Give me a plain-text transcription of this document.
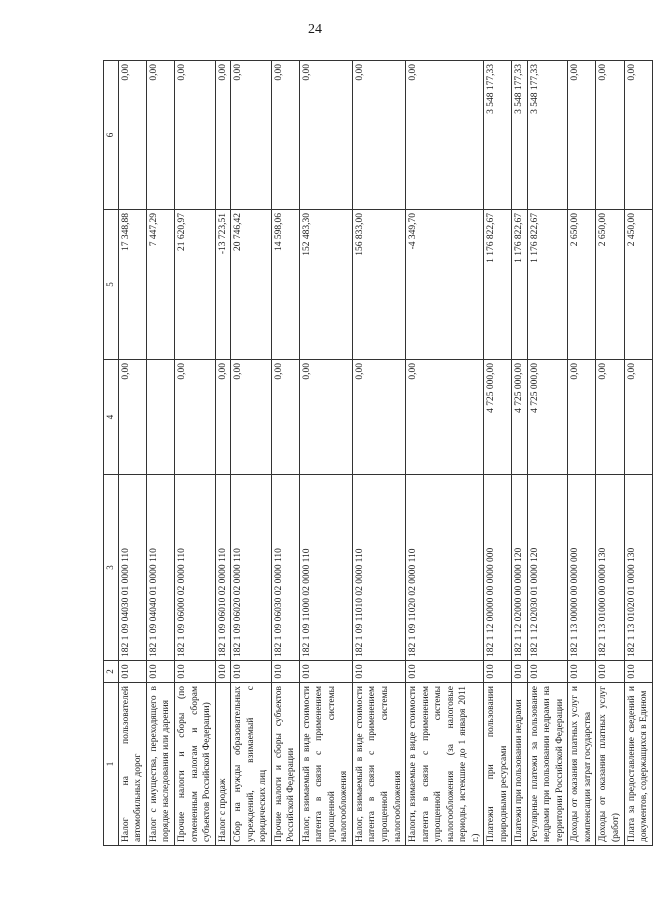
24
1	2	3	4	5	6
Налог на пользователей автомобильных дорог	010	182 1 09 04030 01 0000 110	0,00	17 348,88	0,00
Налог с имущества, переходящего в порядке наследования или дарения	010	182 1 09 04040 01 0000 110		7 447,29	0,00
Прочие налоги и сборы (по отмененным налогам и сборам субъектов Российской Федерации)	010	182 1 09 06000 02 0000 110	0,00	21 620,97	0,00
Налог с продаж	010	182 1 09 06010 02 0000 110	0,00	-13 723,51	0,00
Сбор на нужды образовательных учреждений, взимаемый с юридических лиц	010	182 1 09 06020 02 0000 110	0,00	20 746,42	0,00
Прочие налоги и сборы субъектов Российской Федерации	010	182 1 09 06030 02 0000 110	0,00	14 598,06	0,00
Налог, взимаемый в виде стоимости патента в связи с применением упрощенной системы налогообложения	010	182 1 09 11000 02 0000 110	0,00	152 483,30	0,00
Налог, взимаемый в виде стоимости патента в связи с применением упрощенной системы налогообложения	010	182 1 09 11010 02 0000 110	0,00	156 833,00	0,00
Налоги, взимаемые в виде стоимости патента в связи с применением упрощенной системы налогообложения (за налоговые периоды, истекшие до 1 января 2011 г.)	010	182 1 09 11020 02 0000 110	0,00	-4 349,70	0,00
Платежи при пользовании природными ресурсами	010	182 1 12 00000 00 0000 000	4 725 000,00	1 176 822,67	3 548 177,33
Платежи при пользовании недрами	010	182 1 12 02000 00 0000 120	4 725 000,00	1 176 822,67	3 548 177,33
Регулярные платежи за пользование недрами при пользовании недрами на территории Российской Федерации	010	182 1 12 02030 01 0000 120	4 725 000,00	1 176 822,67	3 548 177,33
Доходы от оказания платных услуг и компенсации затрат государства	010	182 1 13 00000 00 0000 000	0,00	2 650,00	0,00
Доходы от оказания платных услуг (работ)	010	182 1 13 01000 00 0000 130	0,00	2 650,00	0,00
Плата за предоставление сведений и документов, содержащихся в Едином	010	182 1 13 01020 01 0000 130	0,00	2 450,00	0,00
